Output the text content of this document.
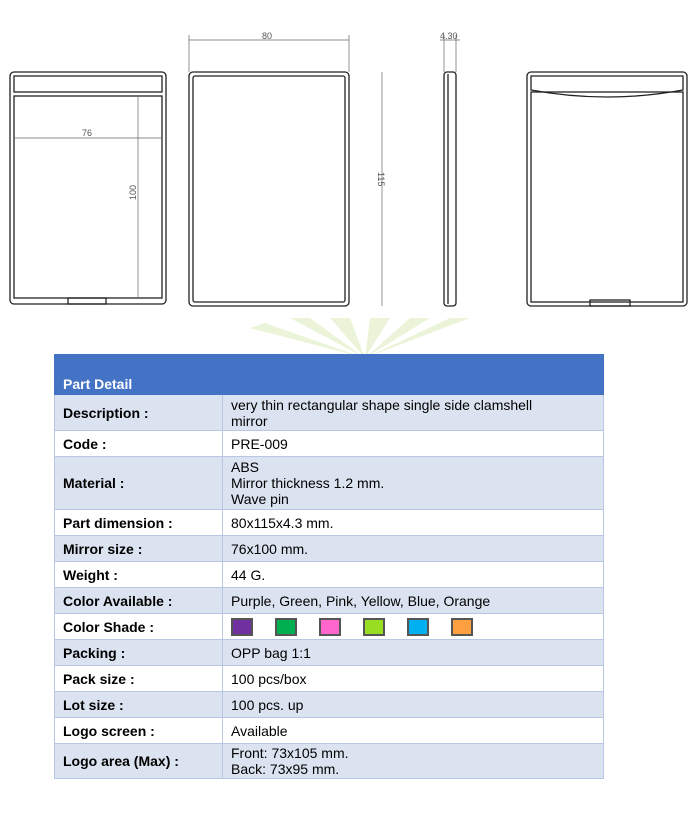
80	4.30
76
100
115
Part Detail	
Description :	very thin rectangular shape single side clamshell
mirror

Code :	PRE-009

Material :	ABS
Mirror thickness 1.2 mm.
Wave pin

Part dimension :	80x115x4.3 mm.

Mirror size :	76x100 mm.

Weight :	44 G.

Color Available :	Purple, Green, Pink, Yellow, Blue, Orange

Color Shade :	

Packing :	OPP bag 1:1

Pack size :	100 pcs/box

Lot size :	100 pcs. up

Logo screen :	Available

Logo area (Max) :	Front: 73x105 mm.
Back: 73x95 mm.
